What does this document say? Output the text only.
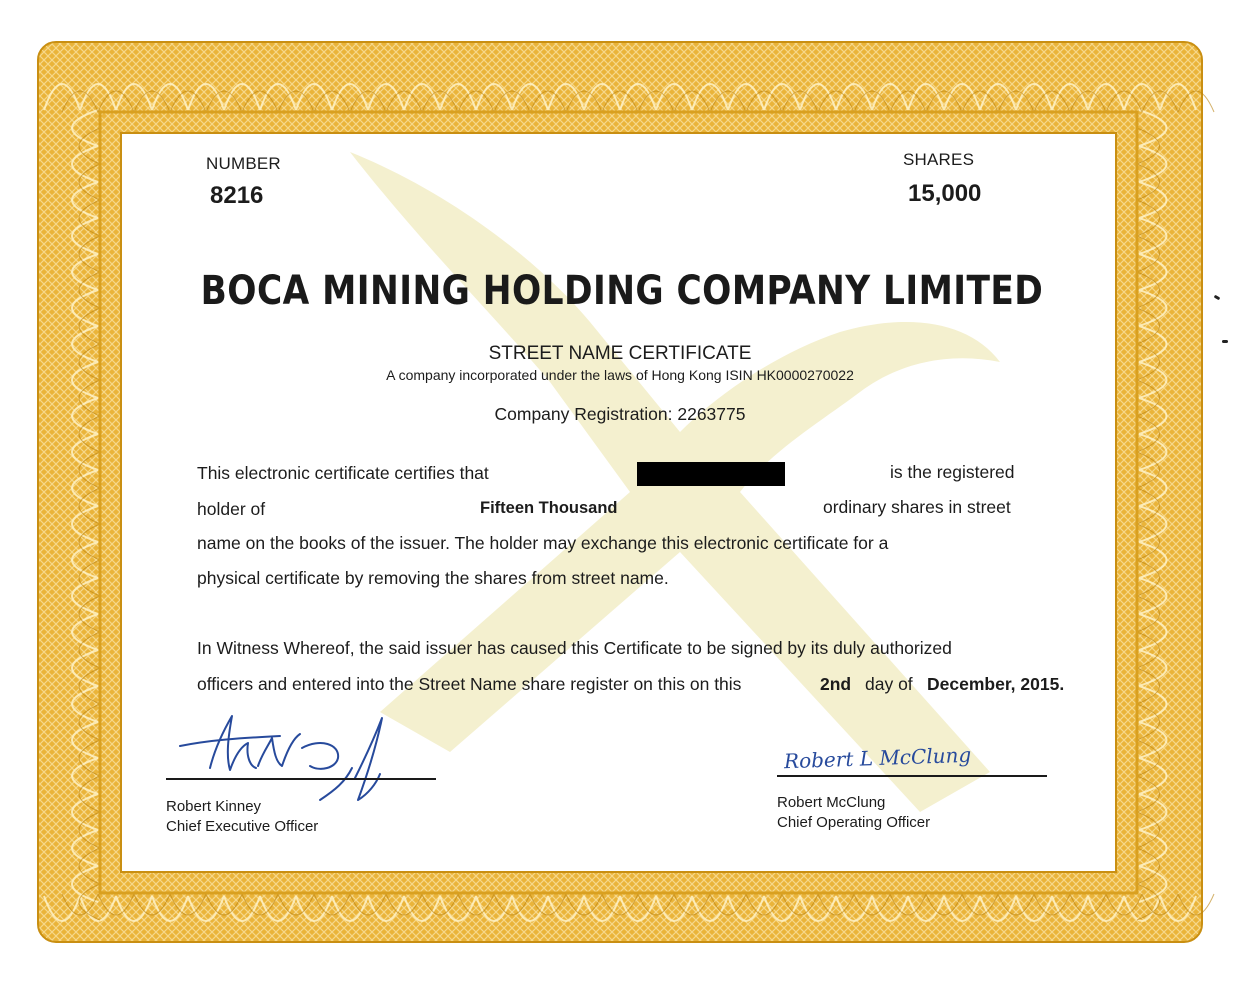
NUMBER
8216
SHARES
15,000
BOCA MINING HOLDING COMPANY LIMITED
STREET NAME CERTIFICATE
A company incorporated under the laws of Hong Kong ISIN HK0000270022
Company Registration: 2263775
This electronic certificate certifies that	is the registered
holder of	Fifteen Thousand	ordinary shares in street
name on the books of the issuer. The holder may exchange this electronic certificate for a
physical certificate by removing the shares from street name.
In Witness Whereof, the said issuer has caused this Certificate to be signed by its duly authorized
officers and entered into the Street Name share register on this on this	2nd day of December, 2015.
Robert Kinney
Chief Executive Officer
Robert L McClung
Robert McClung
Chief Operating Officer
